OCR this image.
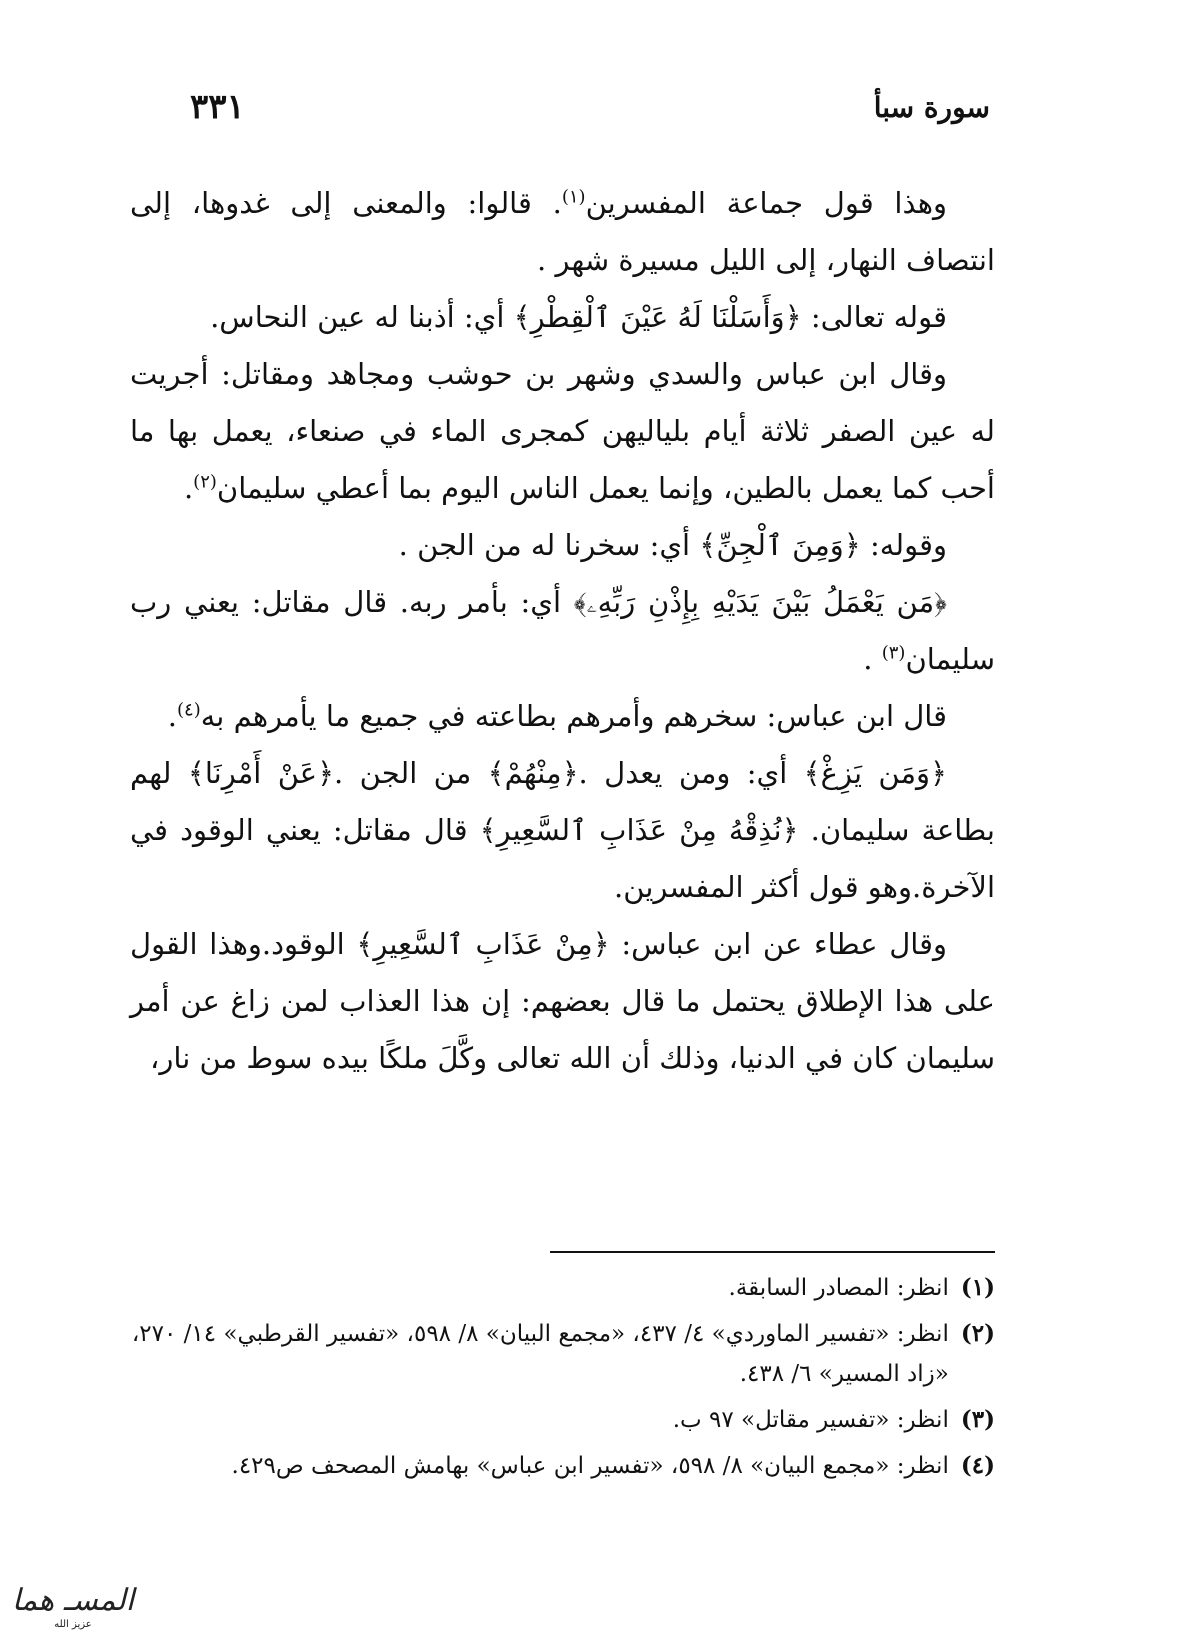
سورة سبأ
٣٣١

وهذا قول جماعة المفسرين$^{(١)}$. قالوا: والمعنى إلى غدوها، إلى انتصاف النهار، إلى الليل مسيرة شهر .

قوله تعالى: ﴿وَأَسَلْنَا لَهُ عَيْنَ ٱلْقِطْرِ﴾ أي: أذبنا له عين النحاس.

وقال ابن عباس والسدي وشهر بن حوشب ومجاهد ومقاتل: أجريت له عين الصفر ثلاثة أيام بلياليهن كمجرى الماء في صنعاء، يعمل بها ما أحب كما يعمل بالطين، وإنما يعمل الناس اليوم بما أعطي سليمان$^{(٢)}$.

وقوله: ﴿وَمِنَ ٱلْجِنِّ﴾ أي: سخرنا له من الجن .

﴿مَن يَعْمَلُ بَيْنَ يَدَيْهِ بِإِذْنِ رَبِّهِۦ﴾ أي: بأمر ربه. قال مقاتل: يعني رب سليمان$^{(٣)}$ .

قال ابن عباس: سخرهم وأمرهم بطاعته في جميع ما يأمرهم به$^{(٤)}$.

﴿وَمَن يَزِغْ﴾ أي: ومن يعدل .﴿مِنْهُمْ﴾ من الجن .﴿عَنْ أَمْرِنَا﴾ لهم بطاعة سليمان. ﴿نُذِقْهُ مِنْ عَذَابِ ٱلسَّعِيرِ﴾ قال مقاتل: يعني الوقود في الآخرة.وهو قول أكثر المفسرين.

وقال عطاء عن ابن عباس: ﴿مِنْ عَذَابِ ٱلسَّعِيرِ﴾ الوقود.وهذا القول على هذا الإطلاق يحتمل ما قال بعضهم: إن هذا العذاب لمن زاغ عن أمر سليمان كان في الدنيا، وذلك أن الله تعالى وكَّلَ ملكًا بيده سوط من نار،

(١)
انظر: المصادر السابقة.
(٢)
انظر: «تفسير الماوردي» ٤/ ٤٣٧، «مجمع البيان» ٨/ ٥٩٨، «تفسير القرطبي» ١٤/ ٢٧٠، «زاد المسير» ٦/ ٤٣٨.
(٣)
انظر: «تفسير مقاتل» ٩٧ ب.
(٤)
انظر: «مجمع البيان» ٨/ ٥٩٨، «تفسير ابن عباس» بهامش المصحف ص٤٢٩.
المسـ هما
عزيز الله
